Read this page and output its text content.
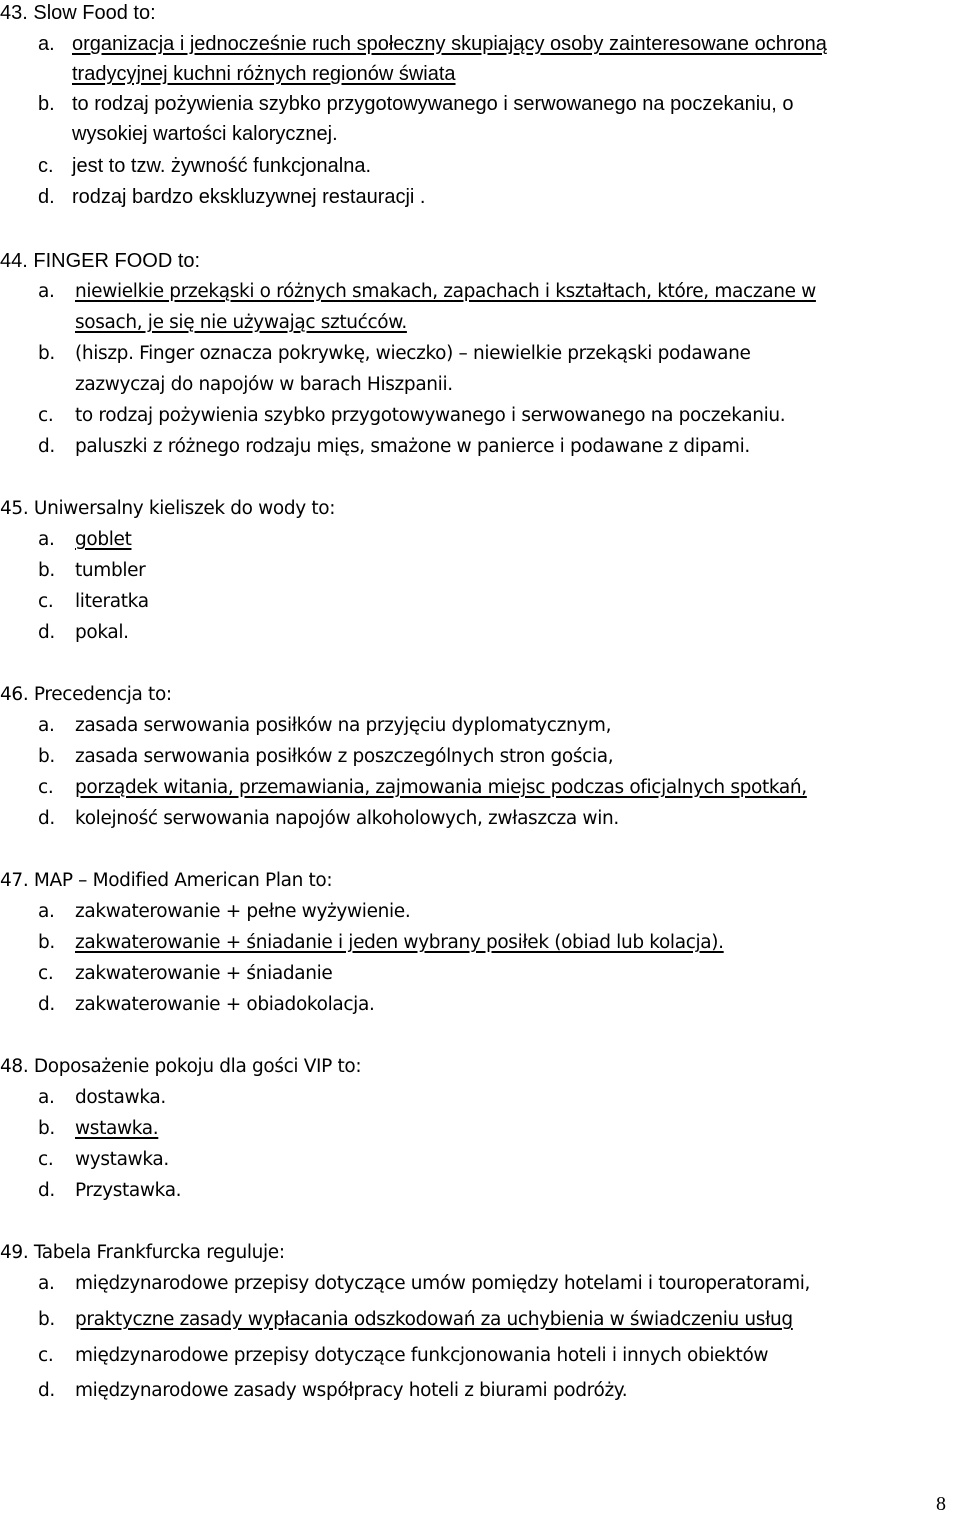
43. Slow Food to:
a. organizacja i jednocześnie ruch społeczny skupiający osoby zainteresowane ochroną
tradycyjnej kuchni różnych regionów świata
b. to rodzaj pożywienia szybko przygotowywanego i serwowanego na poczekaniu, o
wysokiej wartości kalorycznej.
c. jest to tzw. żywność funkcjonalna.
d. rodzaj bardzo ekskluzywnej restauracji .
44. FINGER FOOD to:
a. niewielkie przekąski o różnych smakach, zapachach i kształtach, które, maczane w
sosach, je się nie używając sztućców.
b. (hiszp. Finger oznacza pokrywkę, wieczko) – niewielkie przekąski podawane
zazwyczaj do napojów w barach Hiszpanii.
c. to rodzaj pożywienia szybko przygotowywanego i serwowanego na poczekaniu.
d. paluszki z różnego rodzaju mięs, smażone w panierce i podawane z dipami.
45. Uniwersalny kieliszek do wody to:
a. goblet
b. tumbler
c. literatka
d. pokal.
46. Precedencja to:
a. zasada serwowania posiłków na przyjęciu dyplomatycznym,
b. zasada serwowania posiłków z poszczególnych stron gościa,
c. porządek witania, przemawiania, zajmowania miejsc podczas oficjalnych spotkań,
d. kolejność serwowania napojów alkoholowych, zwłaszcza win.
47. MAP – Modified American Plan to:
a. zakwaterowanie + pełne wyżywienie.
b. zakwaterowanie + śniadanie i jeden wybrany posiłek (obiad lub kolacja).
c. zakwaterowanie + śniadanie
d. zakwaterowanie + obiadokolacja.
48. Doposażenie pokoju dla gości VIP to:
a. dostawka.
b. wstawka.
c. wystawka.
d. Przystawka.
49. Tabela Frankfurcka reguluje:
a. międzynarodowe przepisy dotyczące umów pomiędzy hotelami i touroperatorami,
b. praktyczne zasady wypłacania odszkodowań za uchybienia w świadczeniu usług
c. międzynarodowe przepisy dotyczące funkcjonowania hoteli i innych obiektów
d. międzynarodowe zasady współpracy hoteli z biurami podróży.
8
